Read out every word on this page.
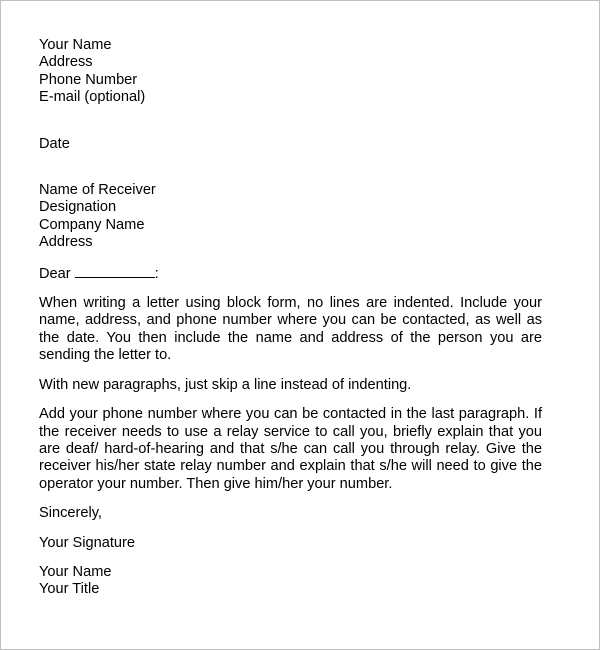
Your Name
Address
Phone Number
E-mail (optional)
Date
Name of Receiver
Designation
Company Name
Address
Dear	:

When writing a letter using block form, no lines are indented. Include your name, address, and phone number where you can be contacted, as well as the date. You then include the name and address of the person you are sending the letter to.

With new paragraphs, just skip a line instead of indenting.

Add your phone number where you can be contacted in the last paragraph. If the receiver needs to use a relay service to call you, briefly explain that you are deaf/ hard-of-hearing and that s/he can call you through relay. Give the receiver his/her state relay number and explain that s/he will need to give the operator your number. Then give him/her your number.

Sincerely,
Your Signature
Your Name
Your Title
